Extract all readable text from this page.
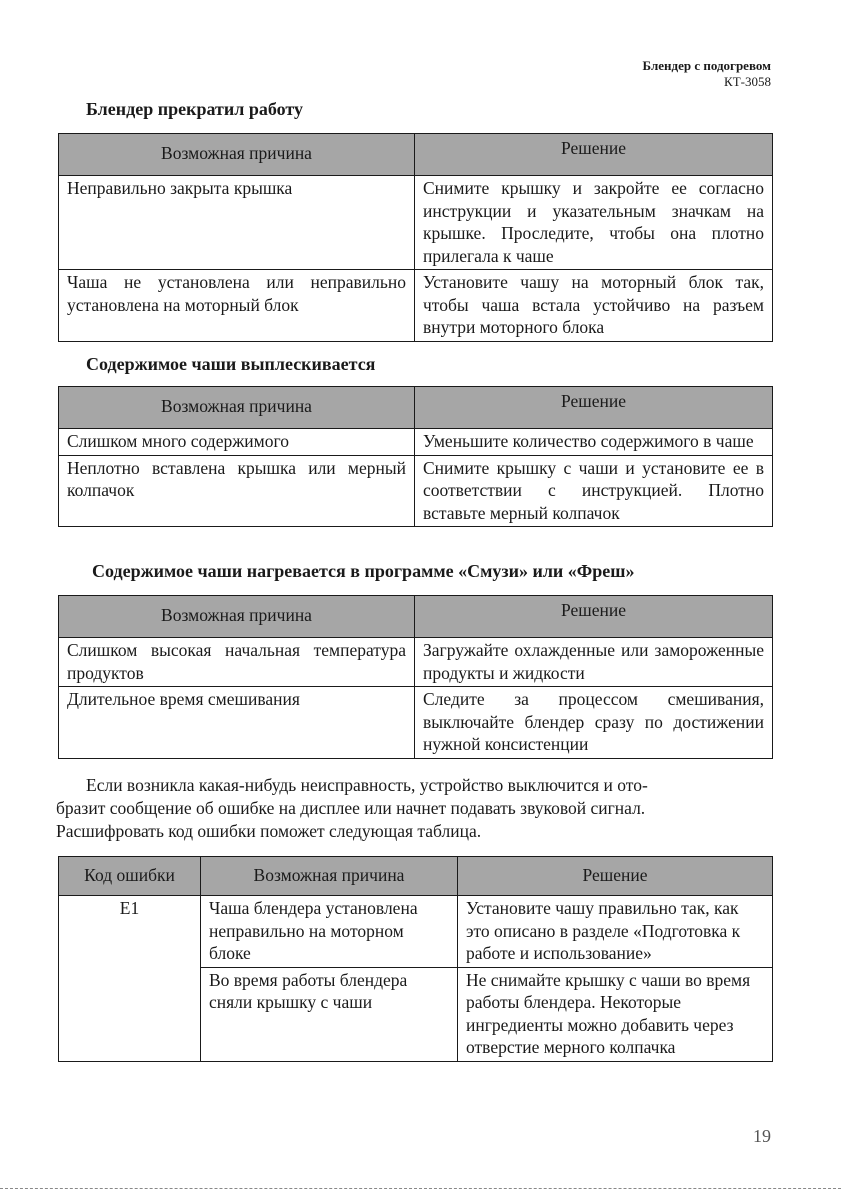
Блендер с подогревом
КТ-3058
Блендер прекратил работу
Возможная причина	Решение
Неправильно закрыта крышка	Снимите крышку и закройте ее согласно инструкции и указательным значкам на крышке. Проследите, чтобы она плотно прилегала к чаше
Чаша не установлена или неправильно установлена на моторный блок	Установите чашу на моторный блок так, чтобы чаша встала устойчиво на разъем внутри моторного блока
Содержимое чаши выплескивается
Возможная причина	Решение
Слишком много содержимого	Уменьшите количество содержимого в чаше
Неплотно вставлена крышка или мерный колпачок	Снимите крышку с чаши и установите ее в соответствии с инструкцией. Плотно вставьте мерный колпачок
Содержимое чаши нагревается в программе «Смузи» или «Фреш»
Возможная причина	Решение
Слишком высокая начальная температура продуктов	Загружайте охлажденные или замороженные продукты и жидкости
Длительное время смешивания	Следите за процессом смешивания, выключайте блендер сразу по достижении нужной консистенции
Если возникла какая-нибудь неисправность, устройство выключится и ото-
бразит сообщение об ошибке на дисплее или начнет подавать звуковой сигнал.
Расшифровать код ошибки поможет следующая таблица.
Код ошибки	Возможная причина	Решение
E1	Чаша блендера установлена неправильно на моторном блоке	Установите чашу правильно так, как это описано в разделе «Подготовка к работе и использование»
	Во время работы блендера сняли крышку с чаши	Не снимайте крышку с чаши во время работы блендера. Некоторые ингредиенты можно добавить через отверстие мерного колпачка
19
